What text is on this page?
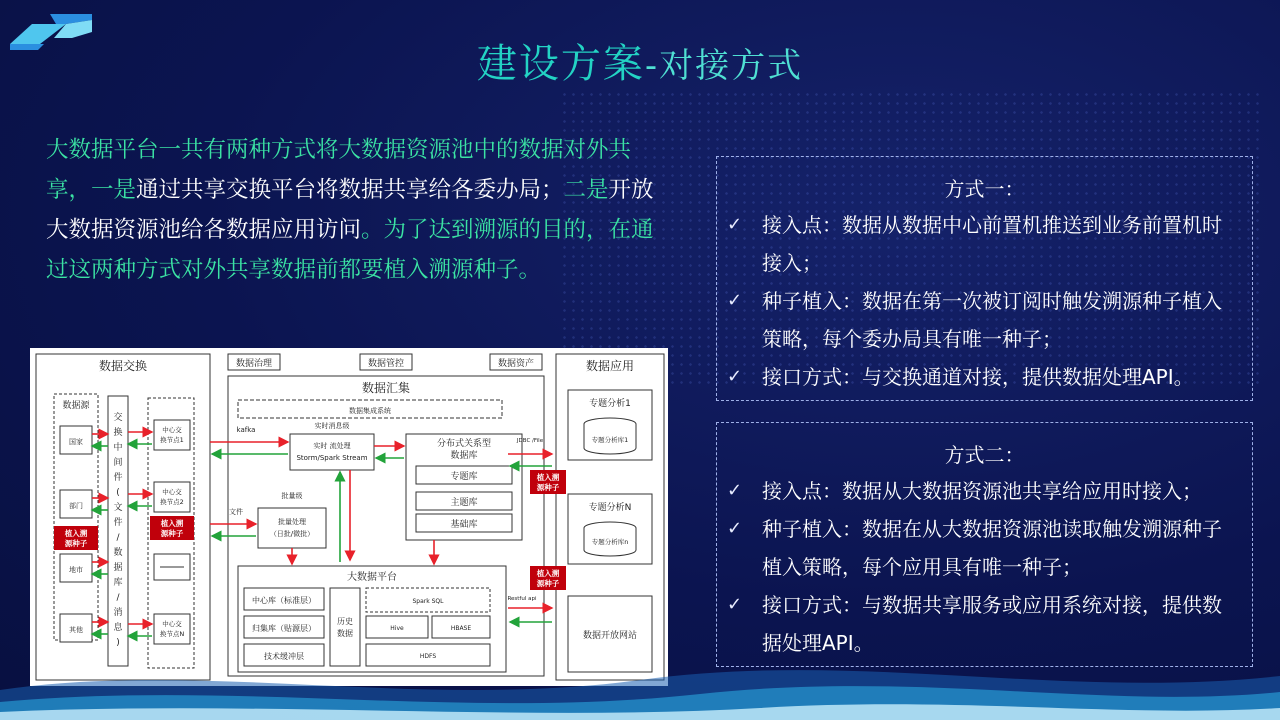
建设方案-对接方式
大数据平台一共有两种方式将大数据资源池中的数据对外共享，一是通过共享交换平台将数据共享给各委办局；二是开放大数据资源池给各数据应用访问。为了达到溯源的目的，在通过这两种方式对外共享数据前都要植入溯源种子。
方式一：
✓ 接入点：数据从数据中心前置机推送到业务前置机时接入；
✓ 种子植入：数据在第一次被订阅时触发溯源种子植入策略，每个委办局具有唯一种子；
✓ 接口方式：与交换通道对接，提供数据处理API。
方式二：
✓ 接入点：数据从大数据资源池共享给应用时接入；
✓ 种子植入：数据在从大数据资源池读取触发溯源种子植入策略，每个应用具有唯一种子；
✓ 接口方式：与数据共享服务或应用系统对接，提供数据处理API。
数据交换
数据源
国家
部门
地市
其他
交
换
中
间
件
(
文
件
/
数
据
库
/
消
息
)
中心交
换节点1
中心交
换节点2
中心交
换节点N
植入溯
源种子
植入溯
源种子
植入溯
源种子
植入溯
源种子
数据治理	数据管控	数据资产
数据汇集
数据集成系统
实时消息级
kafka
实时 流处理
Storm/Spark Stream
批量级
文件
批量处理
（日批/微批）
分布式关系型
数据库
专题库
主题库
基础库
JDBC /File
Restful api
大数据平台
中心库（标准层）
归集库（贴源层）
技术缓冲层
历史
数据
Spark SQL
Hive	HBASE
HDFS
数据应用
专题分析1
专题分析库1
专题分析N
专题分析库n
数据开放网站
